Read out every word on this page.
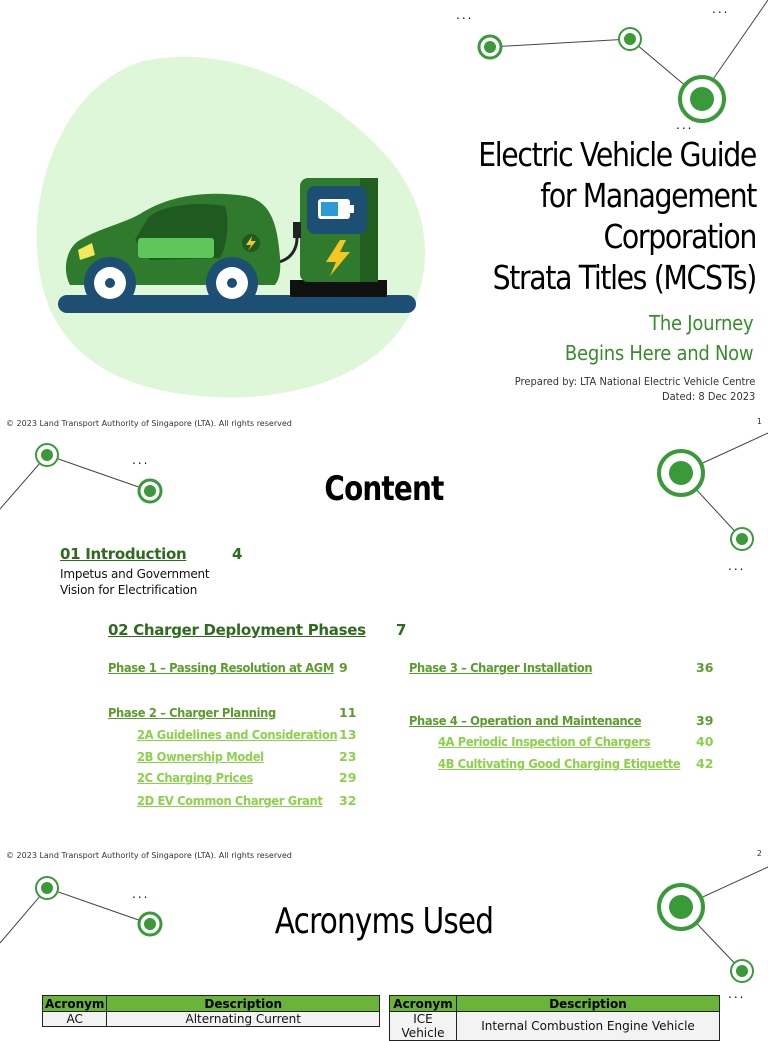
...	...
...
Electric Vehicle Guide
for Management
Corporation
Strata Titles (MCSTs)
The Journey
Begins Here and Now
Prepared by: LTA National Electric Vehicle Centre
Dated: 8 Dec 2023
© 2023 Land Transport Authority of Singapore (LTA). All rights reserved	1
...
...
Content
01 Introduction	4
Impetus and Government
Vision for Electrification
02 Charger Deployment Phases 7
Phase 1 – Passing Resolution at AGM 9
Phase 2 – Charger Planning	11
2A Guidelines and Consideration 13
2B Ownership Model	23
2C Charging Prices	29
2D EV Common Charger Grant 32
Phase 3 – Charger Installation	36
Phase 4 – Operation and Maintenance	39
4A Periodic Inspection of Chargers	40
4B Cultivating Good Charging Etiquette 42
© 2023 Land Transport Authority of Singapore (LTA). All rights reserved	2
...
...
Acronyms Used
Acronym	Description
AC	Alternating Current
Acronym	Description
ICE Vehicle	Internal Combustion Engine Vehicle
